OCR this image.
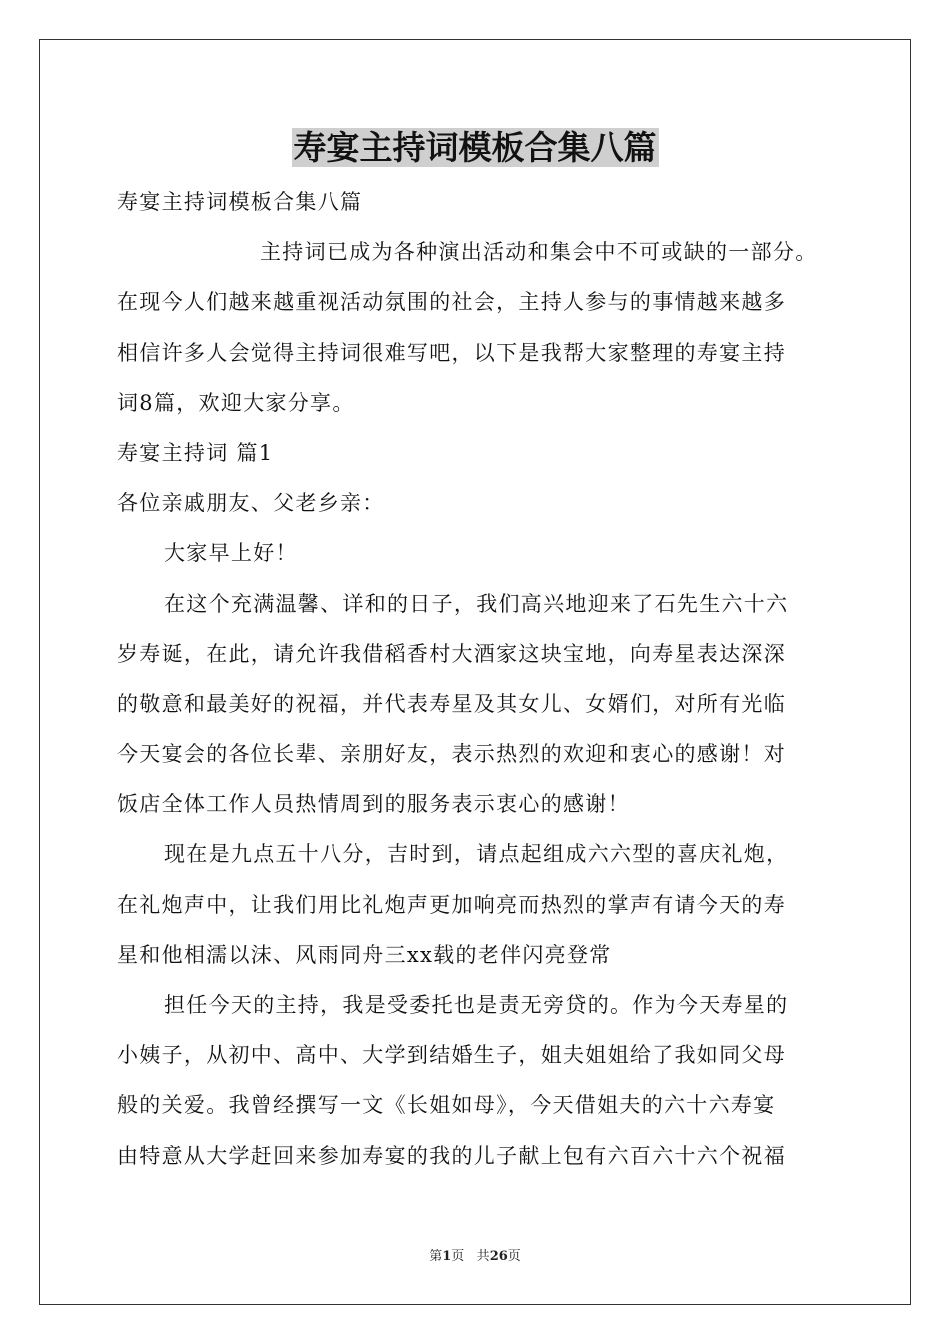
寿宴主持词模板合集八篇
寿宴主持词模板合集八篇
主持词已成为各种演出活动和集会中不可或缺的一部分。
在现今人们越来越重视活动氛围的社会，主持人参与的事情越来越多
相信许多人会觉得主持词很难写吧，以下是我帮大家整理的寿宴主持
词8篇，欢迎大家分享。
寿宴主持词 篇1
各位亲戚朋友、父老乡亲：
大家早上好！
在这个充满温馨、详和的日子，我们高兴地迎来了石先生六十六
岁寿诞，在此，请允许我借稻香村大酒家这块宝地，向寿星表达深深
的敬意和最美好的祝福，并代表寿星及其女儿、女婿们，对所有光临
今天宴会的各位长辈、亲朋好友，表示热烈的欢迎和衷心的感谢！对
饭店全体工作人员热情周到的服务表示衷心的感谢！
现在是九点五十八分，吉时到，请点起组成六六型的喜庆礼炮，
在礼炮声中，让我们用比礼炮声更加响亮而热烈的掌声有请今天的寿
星和他相濡以沫、风雨同舟三xx载的老伴闪亮登常
担任今天的主持，我是受委托也是责无旁贷的。作为今天寿星的
小姨子，从初中、高中、大学到结婚生子，姐夫姐姐给了我如同父母
般的关爱。我曾经撰写一文《长姐如母》，今天借姐夫的六十六寿宴
由特意从大学赶回来参加寿宴的我的儿子献上包有六百六十六个祝福
第1页 共26页
